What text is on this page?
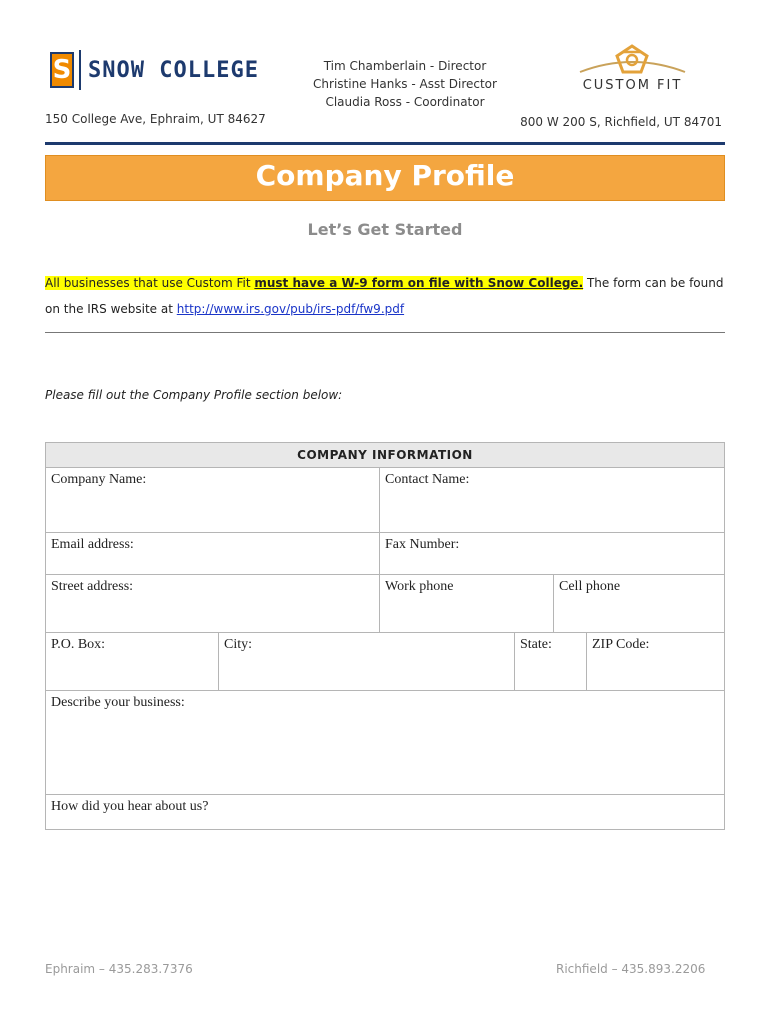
S SNOW COLLEGE	Tim Chamberlain - Director
Christine Hanks - Asst Director
Claudia Ross - Coordinator
CUSTOM FIT
150 College Ave, Ephraim, UT 84627	800 W 200 S, Richfield, UT 84701
Company Profile
Let’s Get Started
All businesses that use Custom Fit must have a W-9 form on file with Snow College. The form can be found on the IRS website at http://www.irs.gov/pub/irs-pdf/fw9.pdf
Please fill out the Company Profile section below:
COMPANY INFORMATION
Company Name:	Contact Name:
Email address:	Fax Number:
Street address:	Work phone	Cell phone
P.O. Box:	City:	State:	ZIP Code:
Describe your business:
How did you hear about us?
Ephraim – 435.283.7376	Richfield – 435.893.2206
